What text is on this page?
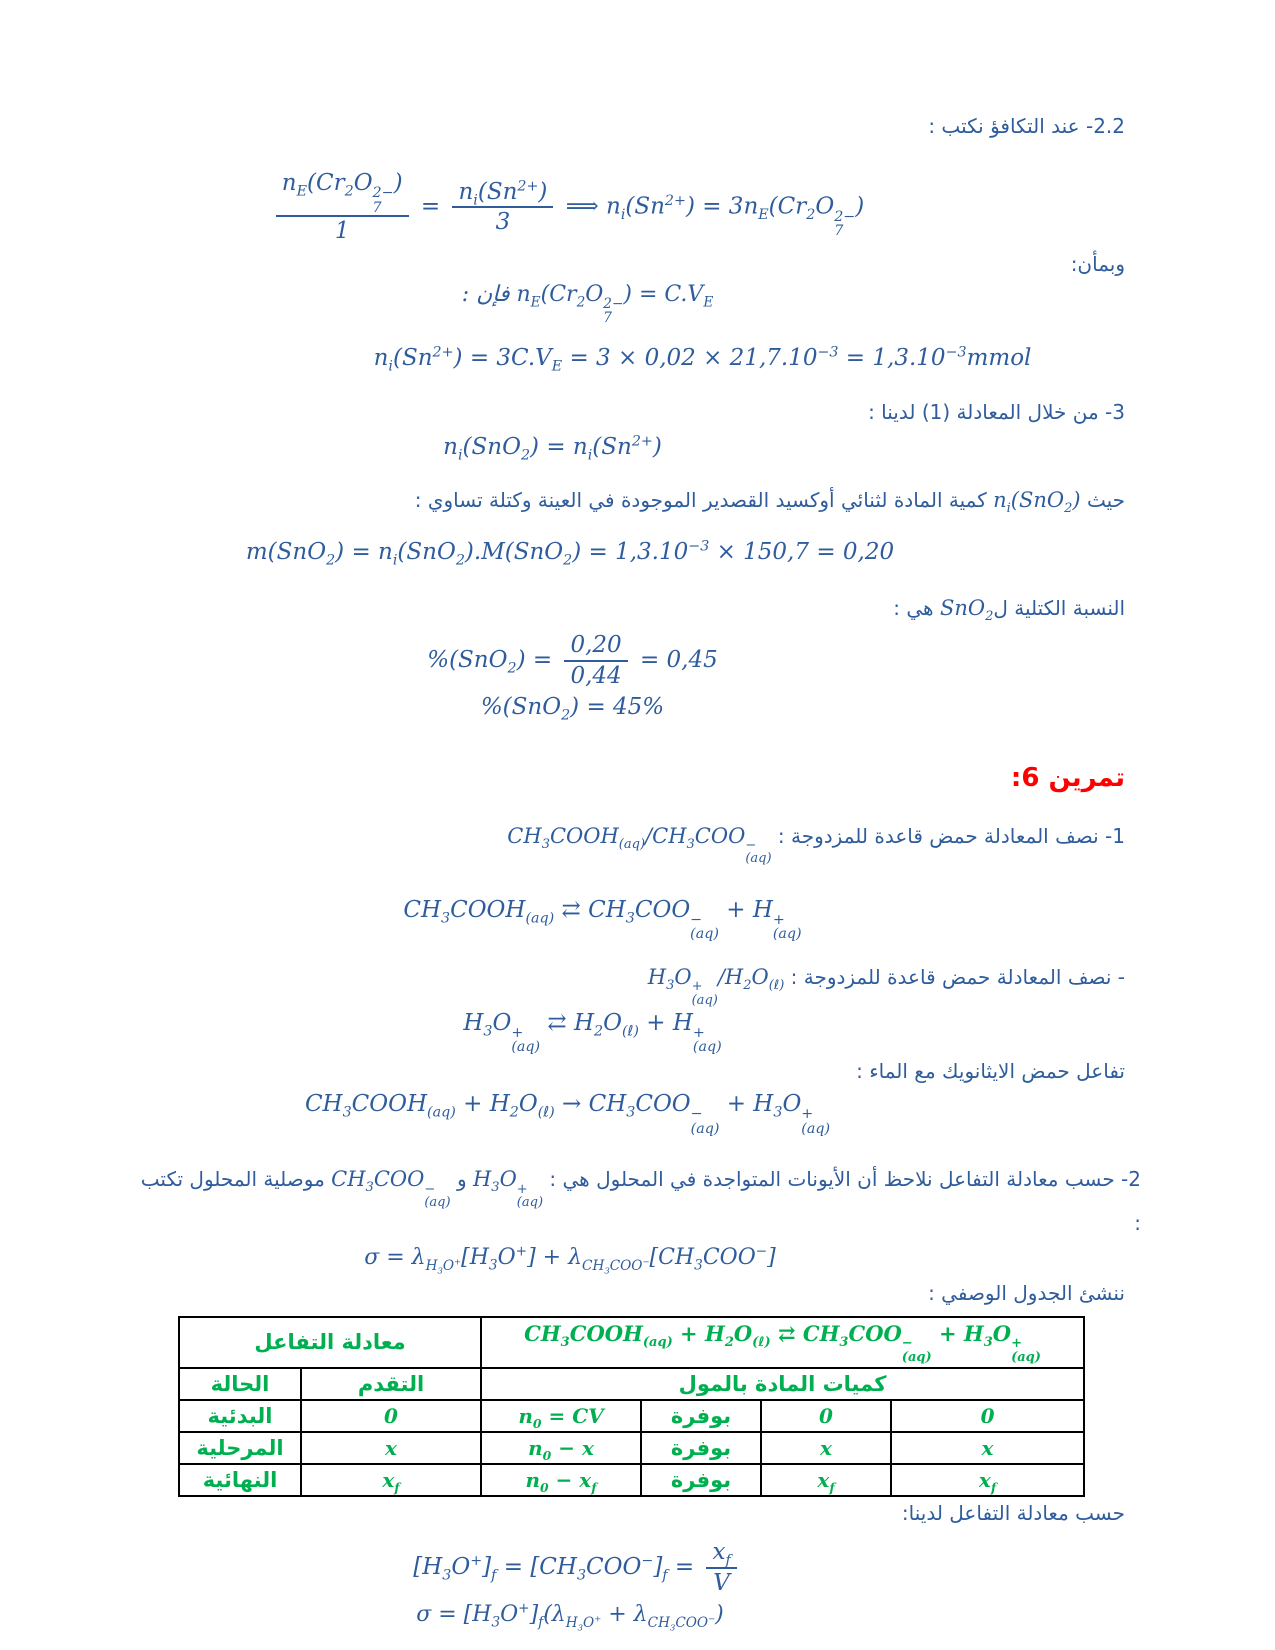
2.2- عند التكافؤ نكتب :
$n_E(Cr_2O$ 2−
7
)
$1 = \frac{n_i(Sn^{2+})}{3}$ ⟹ $n_i(Sn^{2+}) = 3n_E(Cr_2O$ 2−
7
)
وبمأن:
$n_E(Cr_2O$ 2−
7
) = $C.V_E$ فإن :
$n_i(Sn^{2+}) = 3C.V_E = 3 \times 0,02 \times 21,7.10^{-3}$ = $1,3.10^{-3}mmol$
3- من خلال المعادلة (1) لدينا :
$n_i(SnO_2) = n_i(Sn^{2+})$
حيث $n_i(SnO_2)$ كمية المادة لثنائي أوكسيد القصدير الموجودة في العينة وكتلة تساوي :
$m(SnO_2) = n_i(SnO_2).M(SnO_2) = 1,3.10^{-3} \times 150,7 = 0,20$
النسبة الكتلية لSnO$_2$ هي :
$\%(SnO_2) = \frac{0,20}{0,44} = 0,45$
%(SnO$_2$) = 45%
تمرين 6:
1- نصف المعادلة حمض قاعدة للمزدوجة : $CH_3COOH_{(aq)}/CH_3COO$ −
(aq)
$CH_3COOH_{(aq)}$ ⇄ $CH_3COO$ −
(aq)
+ H +
(aq)
- نصف المعادلة حمض قاعدة للمزدوجة : $H_3O$ +
(aq)
$/H_2O_{(\ell)}$
$H_3O$ +
(aq)
⇄ $H_2O_{(\ell)} + H$ +
(aq)
تفاعل حمض الايثانويك مع الماء :
$CH_3COOH_{(aq)} + H_2O_{(\ell)} \to CH_3COO$ −
(aq)
+ $H_3O$ +
(aq)
2- حسب معادلة التفاعل نلاحظ أن الأيونات المتواجدة في المحلول هي : $H_3O$ +
(aq)
و $CH_3COO$ −
(aq)
موصلية المحلول تكتب :
$\sigma = \lambda_{H_3O^+}[H_3O^+] + \lambda_{CH_3COO^-}[CH_3COO^-]$
ننشئ الجدول الوصفي :
معادلة التفاعل	$CH_3COOH_{(aq)} + H_2O_{(\ell)}$ ⇄ $CH_3COO$ −
(aq)
+ $H_3O$ +
(aq)

الحالة	التقدم	كميات المادة بالمول			
البدئية	0	$n_0$ = CV	بوفرة	0	0
المرحلية	x	$n_0 - x$	بوفرة	x	x
النهائية	$x_f$	$n_0 - x_f$	بوفرة	$x_f$	$x_f$
حسب معادلة التفاعل لدينا:
$[H_3O^+]_f = [CH_3COO^-]_f = \frac{x_f}{V}$
$\sigma = [H_3O^+]_f(\lambda_{H_3O^+} + \lambda_{CH_3COO^-})$
